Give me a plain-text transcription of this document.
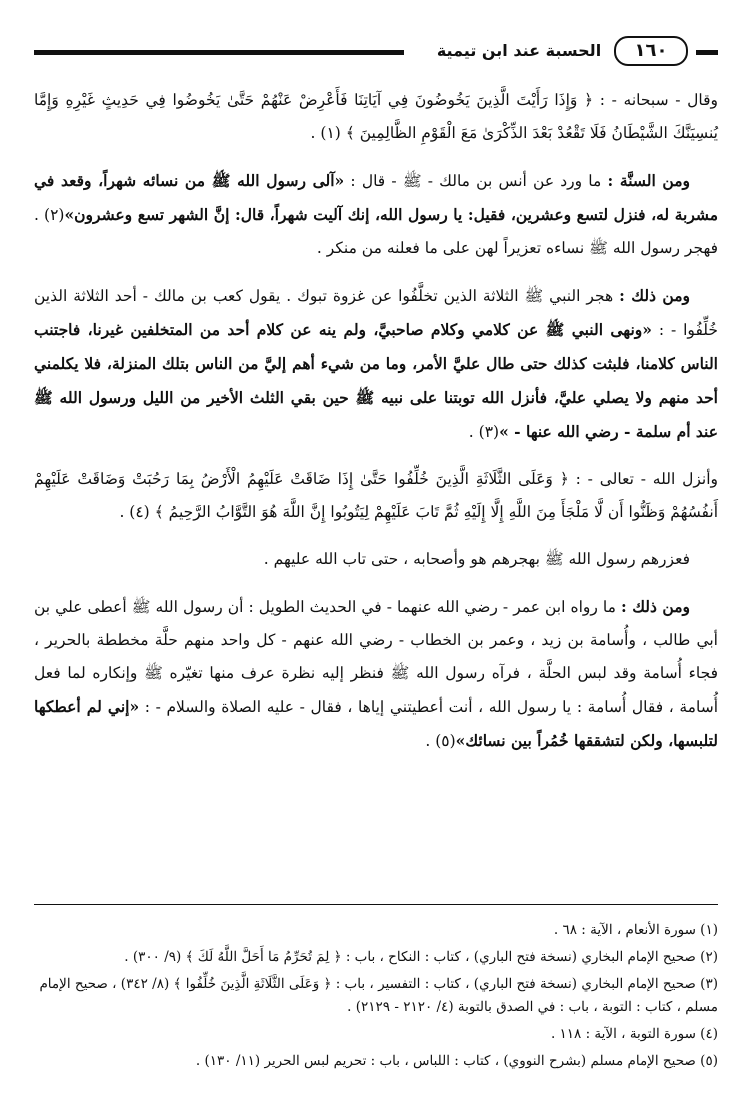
١٦٠
الحسبة عند ابن تيمية

وقال - سبحانه - : ﴿ وَإِذَا رَأَيْتَ الَّذِينَ يَخُوضُونَ فِي آيَاتِنَا فَأَعْرِضْ عَنْهُمْ حَتَّىٰ يَخُوضُوا فِي حَدِيثٍ غَيْرِهِ وَإِمَّا يُنسِيَنَّكَ الشَّيْطَانُ فَلَا تَقْعُدْ بَعْدَ الذِّكْرَىٰ مَعَ الْقَوْمِ الظَّالِمِينَ ﴾ (١) .

ومن السنَّة : ما ورد عن أنس بن مالك - ﷺ - قال : «آلى رسول الله ﷺ من نسائه شهراً، وقعد في مشربة له، فنزل لتسع وعشرين، فقيل: يا رسول الله، إنك آليت شهراً، قال: إنَّ الشهر تسع وعشرون»(٢) . فهجر رسول الله ﷺ نساءه تعزيراً لهن على ما فعلنه من منكر .

ومن ذلك : هجر النبي ﷺ الثلاثة الذين تخلَّفُوا عن غزوة تبوك . يقول كعب بن مالك - أحد الثلاثة الذين خُلِّفُوا - : «ونهى النبي ﷺ عن كلامي وكلام صاحبيَّ، ولم ينه عن كلام أحد من المتخلفين غيرنا، فاجتنب الناس كلامنا، فلبثت كذلك حتى طال عليَّ الأمر، وما من شيء أهم إليَّ من الناس بتلك المنزلة، فلا يكلمني أحد منهم ولا يصلي عليَّ، فأنزل الله توبتنا على نبيه ﷺ حين بقي الثلث الأخير من الليل ورسول الله ﷺ عند أم سلمة - رضي الله عنها - »(٣) .

وأنزل الله - تعالى - : ﴿ وَعَلَى الثَّلَاثَةِ الَّذِينَ خُلِّفُوا حَتَّىٰ إِذَا ضَاقَتْ عَلَيْهِمُ الْأَرْضُ بِمَا رَحُبَتْ وَضَاقَتْ عَلَيْهِمْ أَنفُسُهُمْ وَظَنُّوا أَن لَّا مَلْجَأَ مِنَ اللَّهِ إِلَّا إِلَيْهِ ثُمَّ تَابَ عَلَيْهِمْ لِيَتُوبُوا إِنَّ اللَّهَ هُوَ التَّوَّابُ الرَّحِيمُ ﴾ (٤) .

فعزرهم رسول الله ﷺ بهجرهم هو وأصحابه ، حتى تاب الله عليهم .

ومن ذلك : ما رواه ابن عمر - رضي الله عنهما - في الحديث الطويل : أن رسول الله ﷺ أعطى علي بن أبي طالب ، وأُسامة بن زيد ، وعمر بن الخطاب - رضي الله عنهم - كل واحد منهم حلَّة مخططة بالحرير ، فجاء أُسامة وقد لبس الحلَّة ، فرآه رسول الله ﷺ فنظر إليه نظرة عرف منها تغيّره ﷺ وإنكاره لما فعل أُسامة ، فقال أُسامة : يا رسول الله ، أنت أعطيتني إياها ، فقال - عليه الصلاة والسلام - : «إني لم أعطكها لتلبسها، ولكن لتشققها خُمُراً بين نسائك»(٥) .

(١) سورة الأنعام ، الآية : ٦٨ .
(٢) صحيح الإمام البخاري (نسخة فتح الباري) ، كتاب : النكاح ، باب : ﴿ لِمَ تُحَرِّمُ مَا أَحَلَّ اللَّهُ لَكَ ﴾ (٩/ ٣٠٠) .
(٣) صحيح الإمام البخاري (نسخة فتح الباري) ، كتاب : التفسير ، باب : ﴿ وَعَلَى الثَّلَاثَةِ الَّذِينَ خُلِّفُوا ﴾ (٨/ ٣٤٢) ، صحيح الإمام مسلم ، كتاب : التوبة ، باب : في الصدق بالتوبة (٤/ ٢١٢٠ - ٢١٢٩) .
(٤) سورة التوبة ، الآية : ١١٨ .
(٥) صحيح الإمام مسلم (بشرح النووي) ، كتاب : اللباس ، باب : تحريم لبس الحرير (١١/ ١٣٠) .
